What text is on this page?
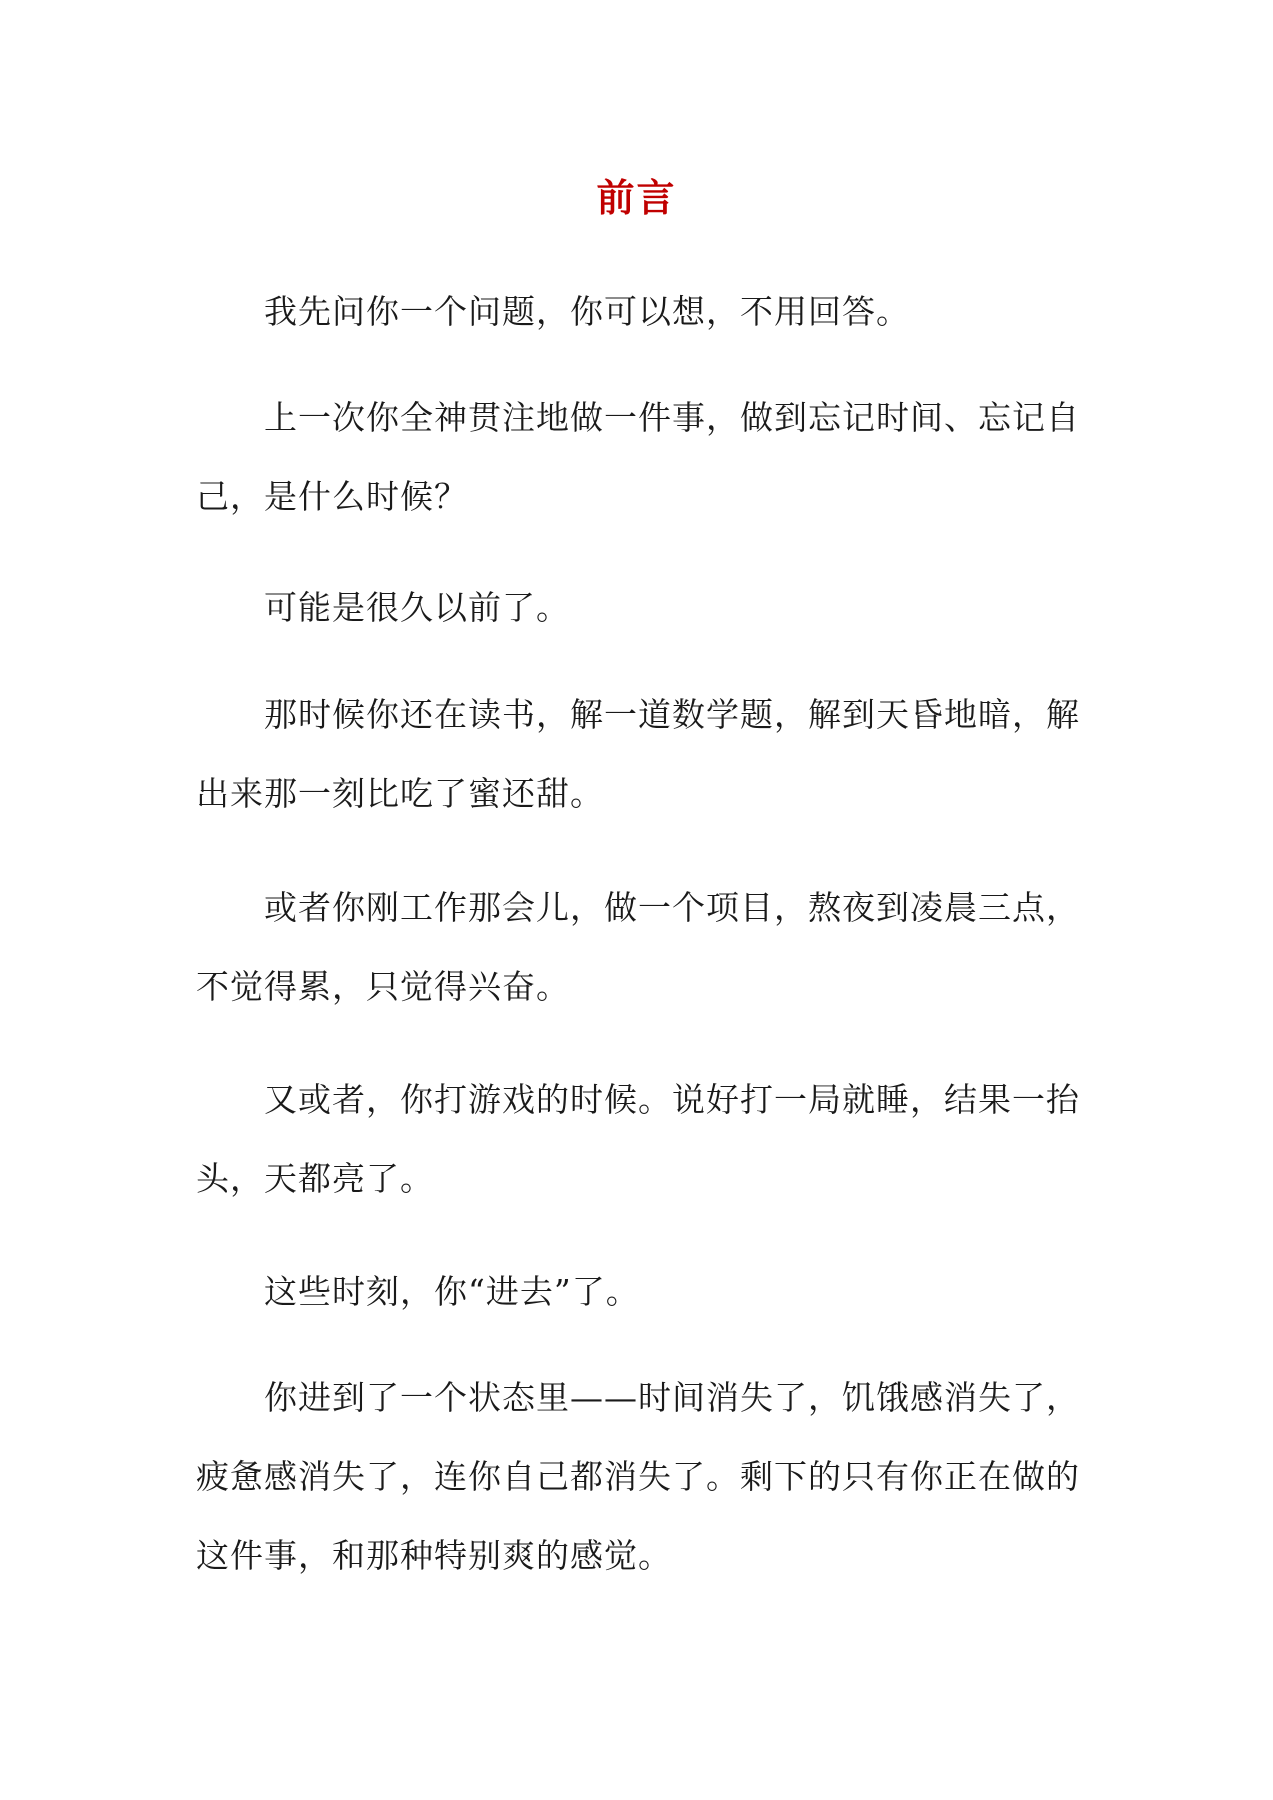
前言

我先问你一个问题，你可以想，不用回答。

上一次你全神贯注地做一件事，做到忘记时间、忘记自己，是什么时候？

可能是很久以前了。

那时候你还在读书，解一道数学题，解到天昏地暗，解出来那一刻比吃了蜜还甜。

或者你刚工作那会儿，做一个项目，熬夜到凌晨三点，不觉得累，只觉得兴奋。

又或者，你打游戏的时候。说好打一局就睡，结果一抬头，天都亮了。

这些时刻，你“进去”了。

你进到了一个状态里——时间消失了，饥饿感消失了，疲惫感消失了，连你自己都消失了。剩下的只有你正在做的这件事，和那种特别爽的感觉。
